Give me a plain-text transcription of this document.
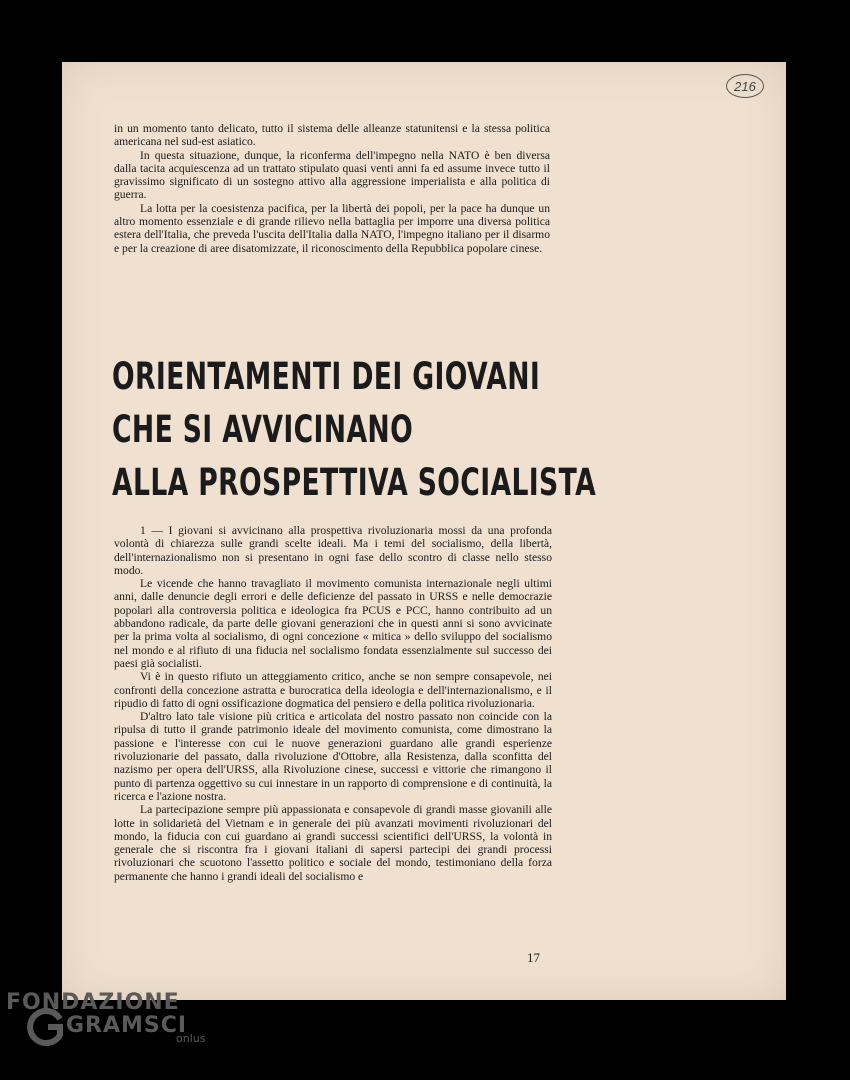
216

in un momento tanto delicato, tutto il sistema delle alleanze statunitensi e la stessa politica americana nel sud-est asiatico.

In questa situazione, dunque, la riconferma dell'impegno nella NATO è ben diversa dalla tacita acquiescenza ad un trattato stipulato quasi venti anni fa ed assume invece tutto il gravissimo significato di un sostegno attivo alla aggressione imperialista e alla politica di guerra.

La lotta per la coesistenza pacifica, per la libertà dei popoli, per la pace ha dunque un altro momento essenziale e di grande rilievo nella battaglia per imporre una diversa politica estera dell'Italia, che preveda l'uscita dell'Italia dalla NATO, l'impegno italiano per il disarmo e per la creazione di aree disatomizzate, il riconoscimento della Repubblica popolare cinese.

ORIENTAMENTI DEI GIOVANI
CHE SI AVVICINANO
ALLA PROSPETTIVA SOCIALISTA

1 — I giovani si avvicinano alla prospettiva rivoluzionaria mossi da una profonda volontà di chiarezza sulle grandi scelte ideali. Ma i temi del socialismo, della libertà, dell'internazionalismo non si presentano in ogni fase dello scontro di classe nello stesso modo.

Le vicende che hanno travagliato il movimento comunista internazionale negli ultimi anni, dalle denuncie degli errori e delle deficienze del passato in URSS e nelle democrazie popolari alla controversia politica e ideologica fra PCUS e PCC, hanno contribuito ad un abbandono radicale, da parte delle giovani generazioni che in questi anni si sono avvicinate per la prima volta al socialismo, di ogni concezione « mitica » dello sviluppo del socialismo nel mondo e al rifiuto di una fiducia nel socialismo fondata essenzialmente sul successo dei paesi già socialisti.

Vi è in questo rifiuto un atteggiamento critico, anche se non sempre consapevole, nei confronti della concezione astratta e burocratica della ideologia e dell'internazionalismo, e il ripudio di fatto di ogni ossificazione dogmatica del pensiero e della politica rivoluzionaria.

D'altro lato tale visione più critica e articolata del nostro passato non coincide con la ripulsa di tutto il grande patrimonio ideale del movimento comunista, come dimostrano la passione e l'interesse con cui le nuove generazioni guardano alle grandi esperienze rivoluzionarie del passato, dalla rivoluzione d'Ottobre, alla Resistenza, dalla sconfitta del nazismo per opera dell'URSS, alla Rivoluzione cinese, successi e vittorie che rimangono il punto di partenza oggettivo su cui innestare in un rapporto di comprensione e di continuità, la ricerca e l'azione nostra.

La partecipazione sempre più appassionata e consapevole di grandi masse giovanili alle lotte in solidarietà del Vietnam e in generale dei più avanzati movimenti rivoluzionari del mondo, la fiducia con cui guardano ai grandi successi scientifici dell'URSS, la volontà in generale che si riscontra fra i giovani italiani di sapersi partecipi dei grandi processi rivoluzionari che scuotono l'assetto politico e sociale del mondo, testimoniano della forza permanente che hanno i grandi ideali del socialismo e

17
FONDAZIONE
GRAMSCI
onlus
